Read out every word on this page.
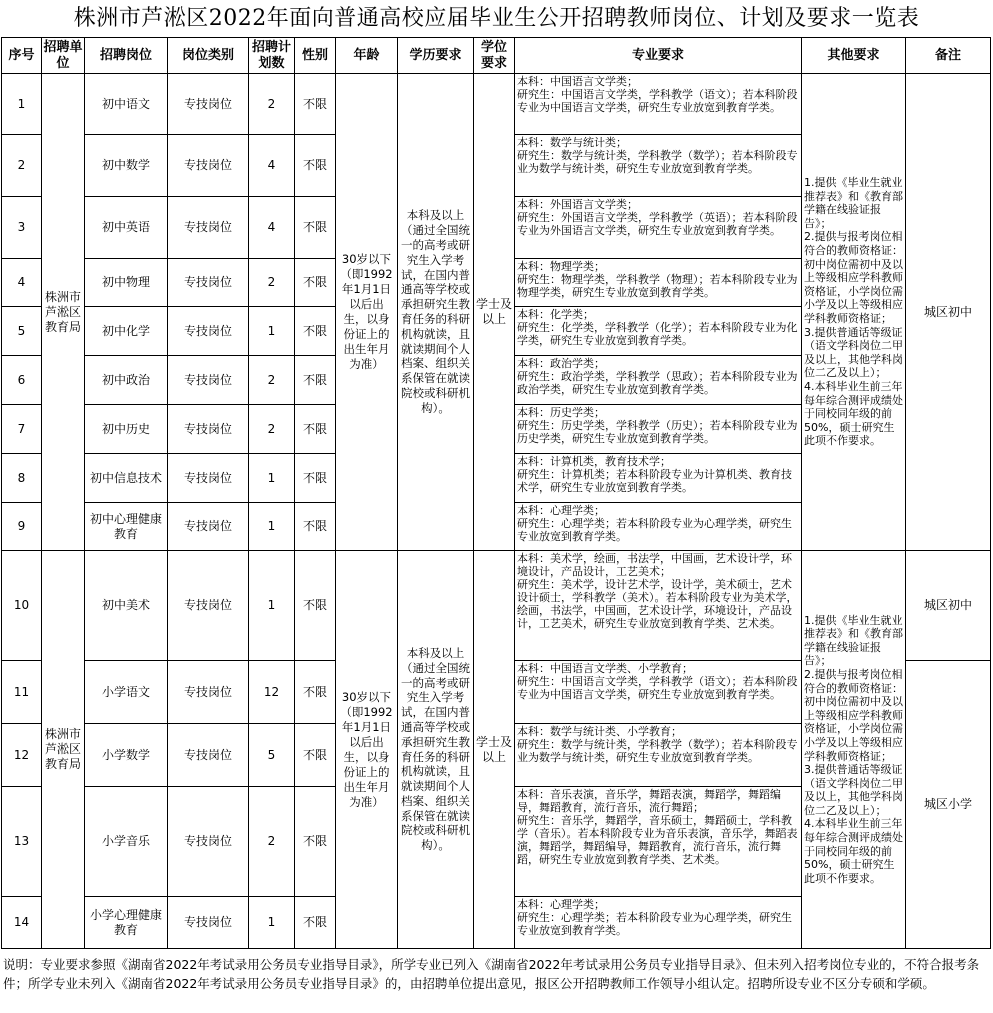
株洲市芦淞区2022年面向普通高校应届毕业生公开招聘教师岗位、计划及要求一览表
序号	招聘单位	招聘岗位	岗位类别	招聘计划数	性别	年龄	学历要求	学位要求	专业要求	其他要求	备注
1	株洲市芦淞区教育局	初中语文	专技岗位	2	不限	30岁以下（即1992年1月1日以后出生，以身份证上的出生年月为准）	本科及以上（通过全国统一的高考或研究生入学考试，在国内普通高等学校或承担研究生教育任务的科研机构就读，且就读期间个人档案、组织关系保管在就读院校或科研机构）。	学士及以上	本科：中国语言文学类；
研究生：中国语言文学类，学科教学（语文）；若本科阶段专业为中国语言文学类，研究生专业放宽到教育学类。	1.提供《毕业生就业推荐表》和《教育部学籍在线验证报告》；
2.提供与报考岗位相符合的教师资格证：初中岗位需初中及以上等级相应学科教师资格证，小学岗位需小学及以上等级相应学科教师资格证；
3.提供普通话等级证（语文学科岗位二甲及以上，其他学科岗位二乙及以上）；
4.本科毕业生前三年每年综合测评成绩处于同校同年级的前50%，硕士研究生此项不作要求。	城区初中
2		初中数学	专技岗位	4	不限				本科：数学与统计类；
研究生：数学与统计类，学科教学（数学）；若本科阶段专业为数学与统计类，研究生专业放宽到教育学类。		
3		初中英语	专技岗位	4	不限				本科：外国语言文学类；
研究生：外国语言文学类，学科教学（英语）；若本科阶段专业为外国语言文学类，研究生专业放宽到教育学类。		
4		初中物理	专技岗位	2	不限				本科：物理学类；
研究生：物理学类，学科教学（物理）；若本科阶段专业为物理学类，研究生专业放宽到教育学类。		
5		初中化学	专技岗位	1	不限				本科：化学类；
研究生：化学类，学科教学（化学）；若本科阶段专业为化学类，研究生专业放宽到教育学类。		
6		初中政治	专技岗位	2	不限				本科：政治学类；
研究生：政治学类，学科教学（思政）；若本科阶段专业为政治学类，研究生专业放宽到教育学类。		
7		初中历史	专技岗位	2	不限				本科：历史学类；
研究生：历史学类，学科教学（历史）；若本科阶段专业为历史学类，研究生专业放宽到教育学类。		
8		初中信息技术	专技岗位	1	不限				本科：计算机类，教育技术学；
研究生：计算机类；若本科阶段专业为计算机类、教育技术学，研究生专业放宽到教育学类。		
9		初中心理健康教育	专技岗位	1	不限				本科：心理学类；
研究生：心理学类；若本科阶段专业为心理学类，研究生专业放宽到教育学类。		
10	株洲市芦淞区教育局	初中美术	专技岗位	1	不限	30岁以下（即1992年1月1日以后出生，以身份证上的出生年月为准）	本科及以上（通过全国统一的高考或研究生入学考试，在国内普通高等学校或承担研究生教育任务的科研机构就读，且就读期间个人档案、组织关系保管在就读院校或科研机构）。	学士及以上	本科：美术学，绘画，书法学，中国画，艺术设计学，环境设计，产品设计，工艺美术；
研究生：美术学，设计艺术学，设计学，美术硕士，艺术设计硕士，学科教学（美术）。若本科阶段专业为美术学，绘画，书法学，中国画，艺术设计学，环境设计，产品设计，工艺美术，研究生专业放宽到教育学类、艺术类。	1.提供《毕业生就业推荐表》和《教育部学籍在线验证报告》；
2.提供与报考岗位相符合的教师资格证：初中岗位需初中及以上等级相应学科教师资格证，小学岗位需小学及以上等级相应学科教师资格证；
3.提供普通话等级证（语文学科岗位二甲及以上，其他学科岗位二乙及以上）；
4.本科毕业生前三年每年综合测评成绩处于同校同年级的前50%，硕士研究生此项不作要求。	城区初中
11		小学语文	专技岗位	12	不限				本科：中国语言文学类、小学教育；
研究生：中国语言文学类，学科教学（语文）；若本科阶段专业为中国语言文学类，研究生专业放宽到教育学类。		城区小学
12		小学数学	专技岗位	5	不限				本科：数学与统计类、小学教育；
研究生：数学与统计类，学科教学（数学）；若本科阶段专业为数学与统计类，研究生专业放宽到教育学类。		
13		小学音乐	专技岗位	2	不限				本科：音乐表演，音乐学，舞蹈表演，舞蹈学，舞蹈编导，舞蹈教育，流行音乐，流行舞蹈；
研究生：音乐学，舞蹈学，音乐硕士，舞蹈硕士，学科教学（音乐）。若本科阶段专业为音乐表演，音乐学，舞蹈表演，舞蹈学，舞蹈编导，舞蹈教育，流行音乐，流行舞蹈，研究生专业放宽到教育学类、艺术类。		
14		小学心理健康教育	专技岗位	1	不限				本科：心理学类；
研究生：心理学类；若本科阶段专业为心理学类，研究生专业放宽到教育学类。		
说明：专业要求参照《湖南省2022年考试录用公务员专业指导目录》，所学专业已列入《湖南省2022年考试录用公务员专业指导目录》、但未列入招考岗位专业的，不符合报考条件；所学专业未列入《湖南省2022年考试录用公务员专业指导目录》的，由招聘单位提出意见，报区公开招聘教师工作领导小组认定。招聘所设专业不区分专硕和学硕。
